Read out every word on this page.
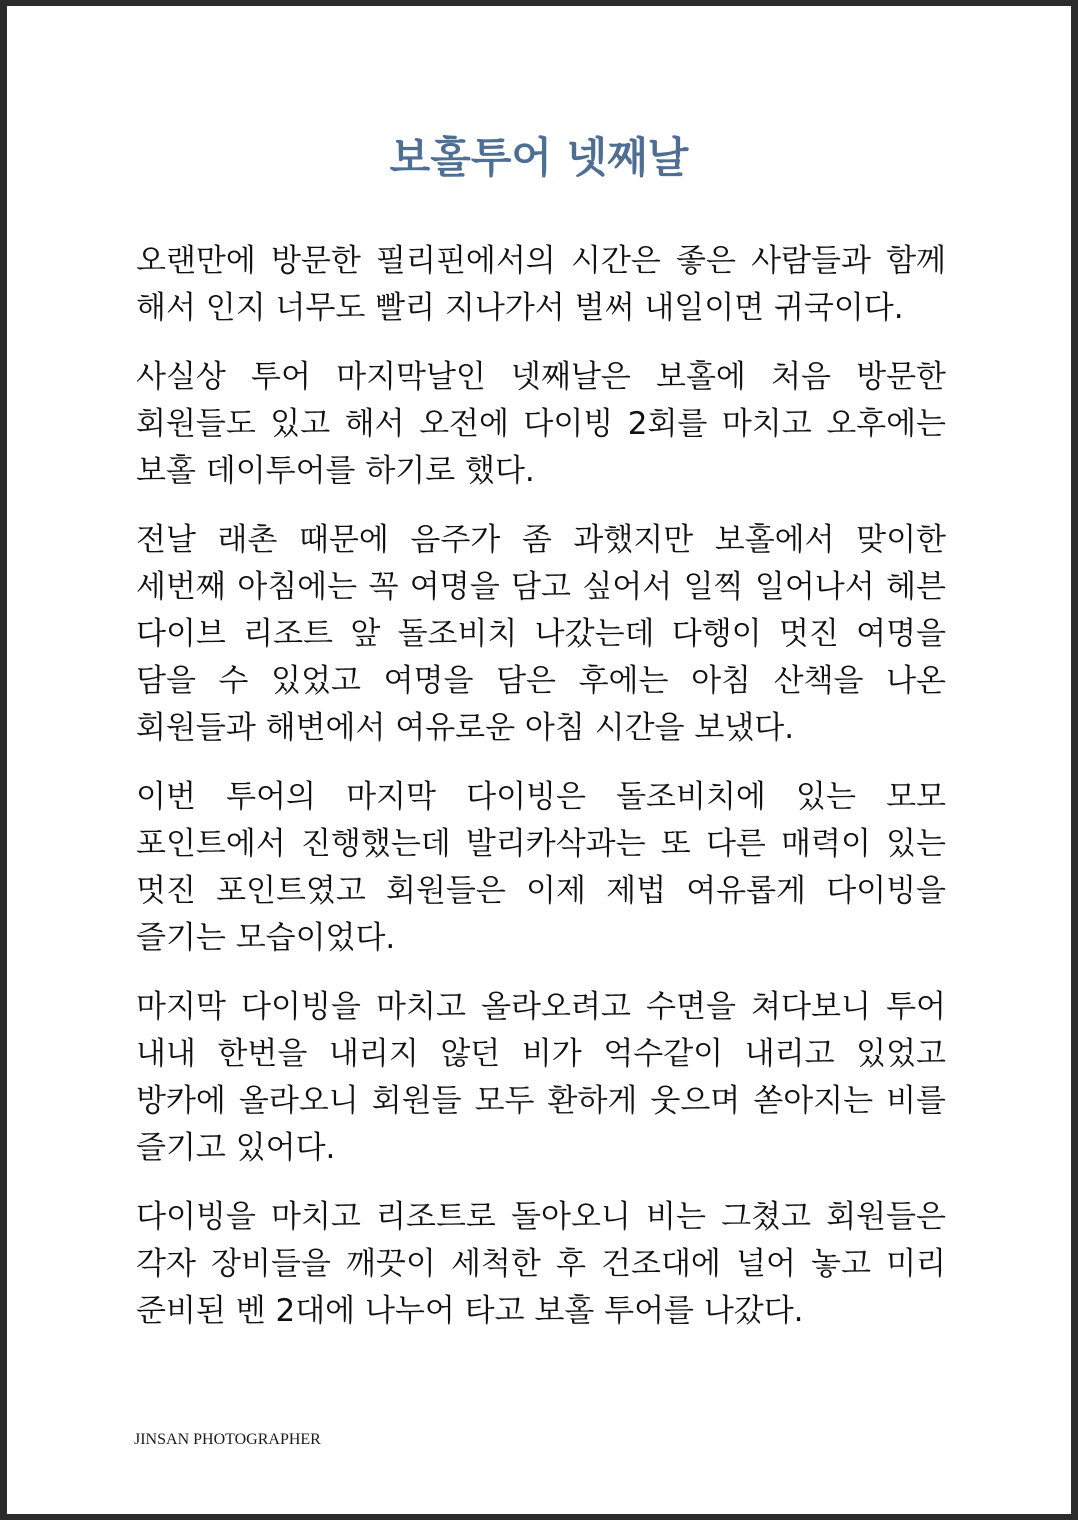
보홀투어 넷째날

오랜만에 방문한 필리핀에서의 시간은 좋은 사람들과 함께 해서 인지 너무도 빨리 지나가서 벌써 내일이면 귀국이다.

사실상 투어 마지막날인 넷째날은 보홀에 처음 방문한 회원들도 있고 해서 오전에 다이빙 2회를 마치고 오후에는 보홀 데이투어를 하기로 했다.

전날 래촌 때문에 음주가 좀 과했지만 보홀에서 맞이한 세번째 아침에는 꼭 여명을 담고 싶어서 일찍 일어나서 헤븐 다이브 리조트 앞 돌조비치 나갔는데 다행이 멋진 여명을 담을 수 있었고 여명을 담은 후에는 아침 산책을 나온 회원들과 해변에서 여유로운 아침 시간을 보냈다.

이번 투어의 마지막 다이빙은 돌조비치에 있는 모모 포인트에서 진행했는데 발리카삭과는 또 다른 매력이 있는 멋진 포인트였고 회원들은 이제 제법 여유롭게 다이빙을 즐기는 모습이었다.

마지막 다이빙을 마치고 올라오려고 수면을 쳐다보니 투어 내내 한번을 내리지 않던 비가 억수같이 내리고 있었고 방카에 올라오니 회원들 모두 환하게 웃으며 쏟아지는 비를 즐기고 있어다.

다이빙을 마치고 리조트로 돌아오니 비는 그쳤고 회원들은 각자 장비들을 깨끗이 세척한 후 건조대에 널어 놓고 미리 준비된 벤 2대에 나누어 타고 보홀 투어를 나갔다.

JINSAN PHOTOGRAPHER
